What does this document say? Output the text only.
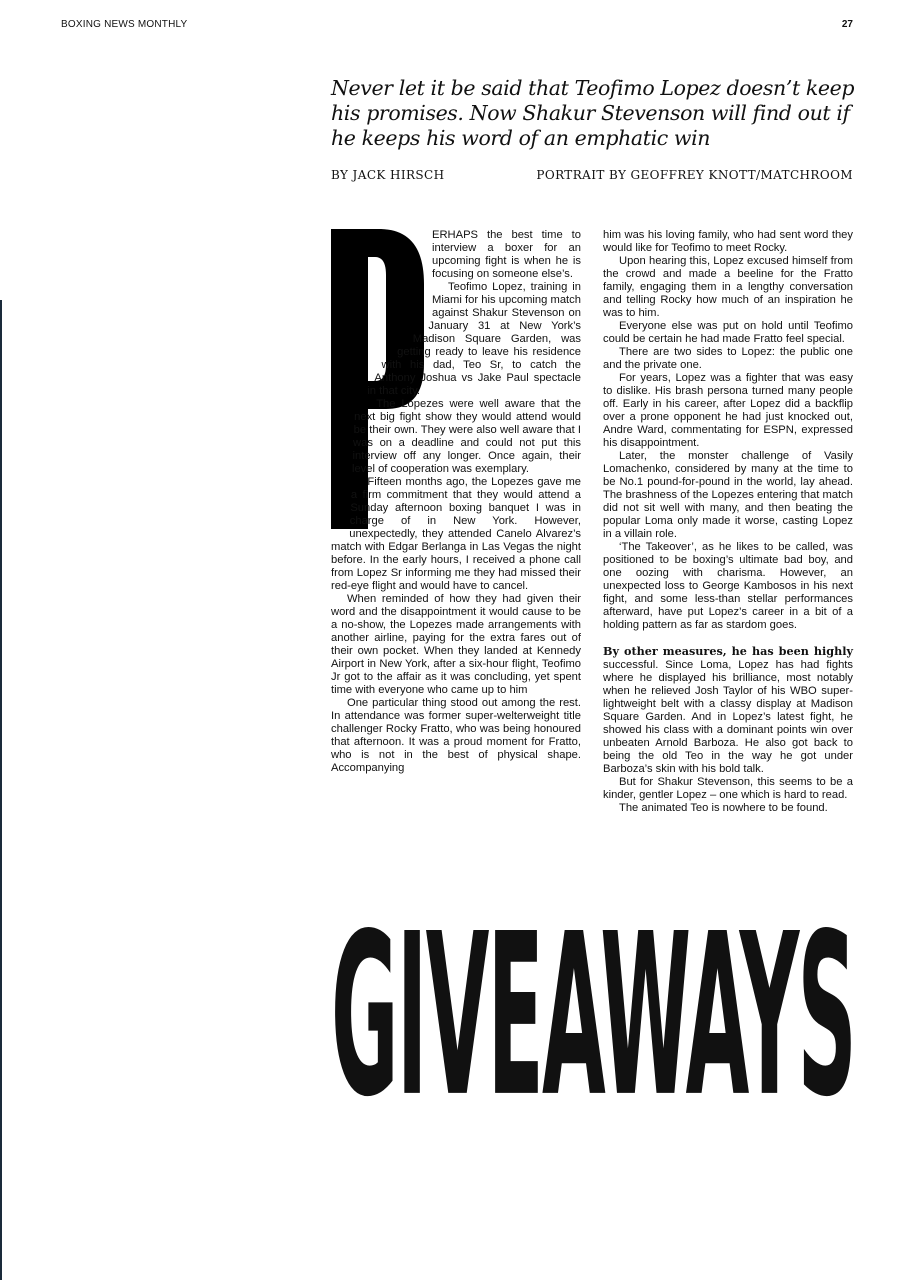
BOXING NEWS MONTHLY	27

Never let it be said that Teofimo Lopez doesn’t keep his promises. Now Shakur Stevenson will find out if he keeps his word of an emphatic win

BY JACK HIRSCH	PORTRAIT BY GEOFFREY KNOTT/MATCHROOM

ERHAPS the best time to interview a boxer for an upcoming fight is when he is focusing on someone else’s.

Teofimo Lopez, training in Miami for his upcoming match against Shakur Stevenson on January 31 at New York’s Madison Square Garden, was getting ready to leave his residence with his dad, Teo Sr, to catch the Anthony Joshua vs Jake Paul spectacle in that city.

The Lopezes were well aware that the next big fight show they would attend would be their own. They were also well aware that I was on a deadline and could not put this interview off any longer. Once again, their level of cooperation was exemplary.

Fifteen months ago, the Lopezes gave me a firm commitment that they would attend a Sunday afternoon boxing banquet I was in charge of in New York. However, unexpectedly, they attended Canelo Alvarez’s match with Edgar Berlanga in Las Vegas the night before. In the early hours, I received a phone call from Lopez Sr informing me they had missed their red-eye flight and would have to cancel.

When reminded of how they had given their word and the disappointment it would cause to be a no-show, the Lopezes made arrangements with another airline, paying for the extra fares out of their own pocket. When they landed at Kennedy Airport in New York, after a six-hour flight, Teofimo Jr got to the affair as it was concluding, yet spent time with everyone who came up to him

One particular thing stood out among the rest. In attendance was former super-welterweight title challenger Rocky Fratto, who was being honoured that afternoon. It was a proud moment for Fratto, who is not in the best of physical shape. Accompanying

him was his loving family, who had sent word they would like for Teofimo to meet Rocky.

Upon hearing this, Lopez excused himself from the crowd and made a beeline for the Fratto family, engaging them in a lengthy conversation and telling Rocky how much of an inspiration he was to him.

Everyone else was put on hold until Teofimo could be certain he had made Fratto feel special.

There are two sides to Lopez: the public one and the private one.

For years, Lopez was a fighter that was easy to dislike. His brash persona turned many people off. Early in his career, after Lopez did a backflip over a prone opponent he had just knocked out, Andre Ward, commentating for ESPN, expressed his disappointment.

Later, the monster challenge of Vasily Lomachenko, considered by many at the time to be No.1 pound-for-pound in the world, lay ahead. The brashness of the Lopezes entering that match did not sit well with many, and then beating the popular Loma only made it worse, casting Lopez in a villain role.

‘The Takeover’, as he likes to be called, was positioned to be boxing’s ultimate bad boy, and one oozing with charisma. However, an unexpected loss to George Kambosos in his next fight, and some less-than stellar performances afterward, have put Lopez’s career in a bit of a holding pattern as far as stardom goes.

By other measures, he has been highly successful. Since Loma, Lopez has had fights where he displayed his brilliance, most notably when he relieved Josh Taylor of his WBO super-lightweight belt with a classy display at Madison Square Garden. And in Lopez’s latest fight, he showed his class with a dominant points win over unbeaten Arnold Barboza. He also got back to being the old Teo in the way he got under Barboza’s skin with his bold talk.

But for Shakur Stevenson, this seems to be a kinder, gentler Lopez – one which is hard to read.

The animated Teo is nowhere to be found.

GIVEAWAYS
